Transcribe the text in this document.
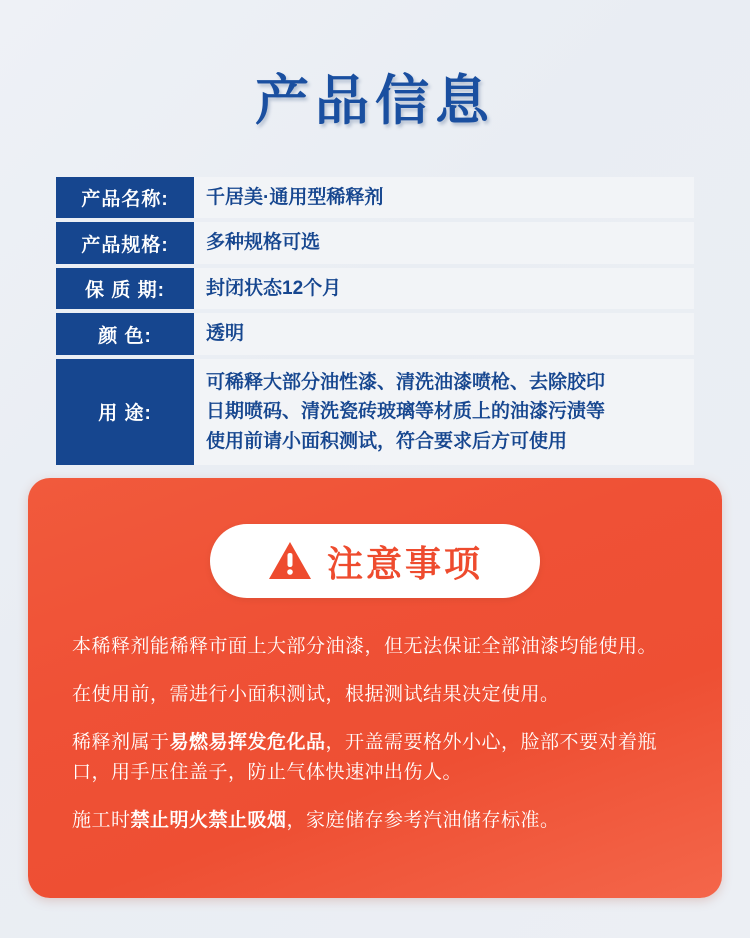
产品信息
产品名称:	千居美·通用型稀释剂
产品规格:	多种规格可选
保 质 期:	封闭状态12个月
颜 色:	透明
用 途:	可稀释大部分油性漆、清洗油漆喷枪、去除胶印
日期喷码、清洗瓷砖玻璃等材质上的油漆污渍等
使用前请小面积测试，符合要求后方可使用
注意事项
本稀释剂能稀释市面上大部分油漆，但无法保证全部油漆均能使用。
在使用前，需进行小面积测试，根据测试结果决定使用。
稀释剂属于易燃易挥发危化品，开盖需要格外小心，脸部不要对着瓶口，用手压住盖子，防止气体快速冲出伤人。
施工时禁止明火禁止吸烟，家庭储存参考汽油储存标准。
